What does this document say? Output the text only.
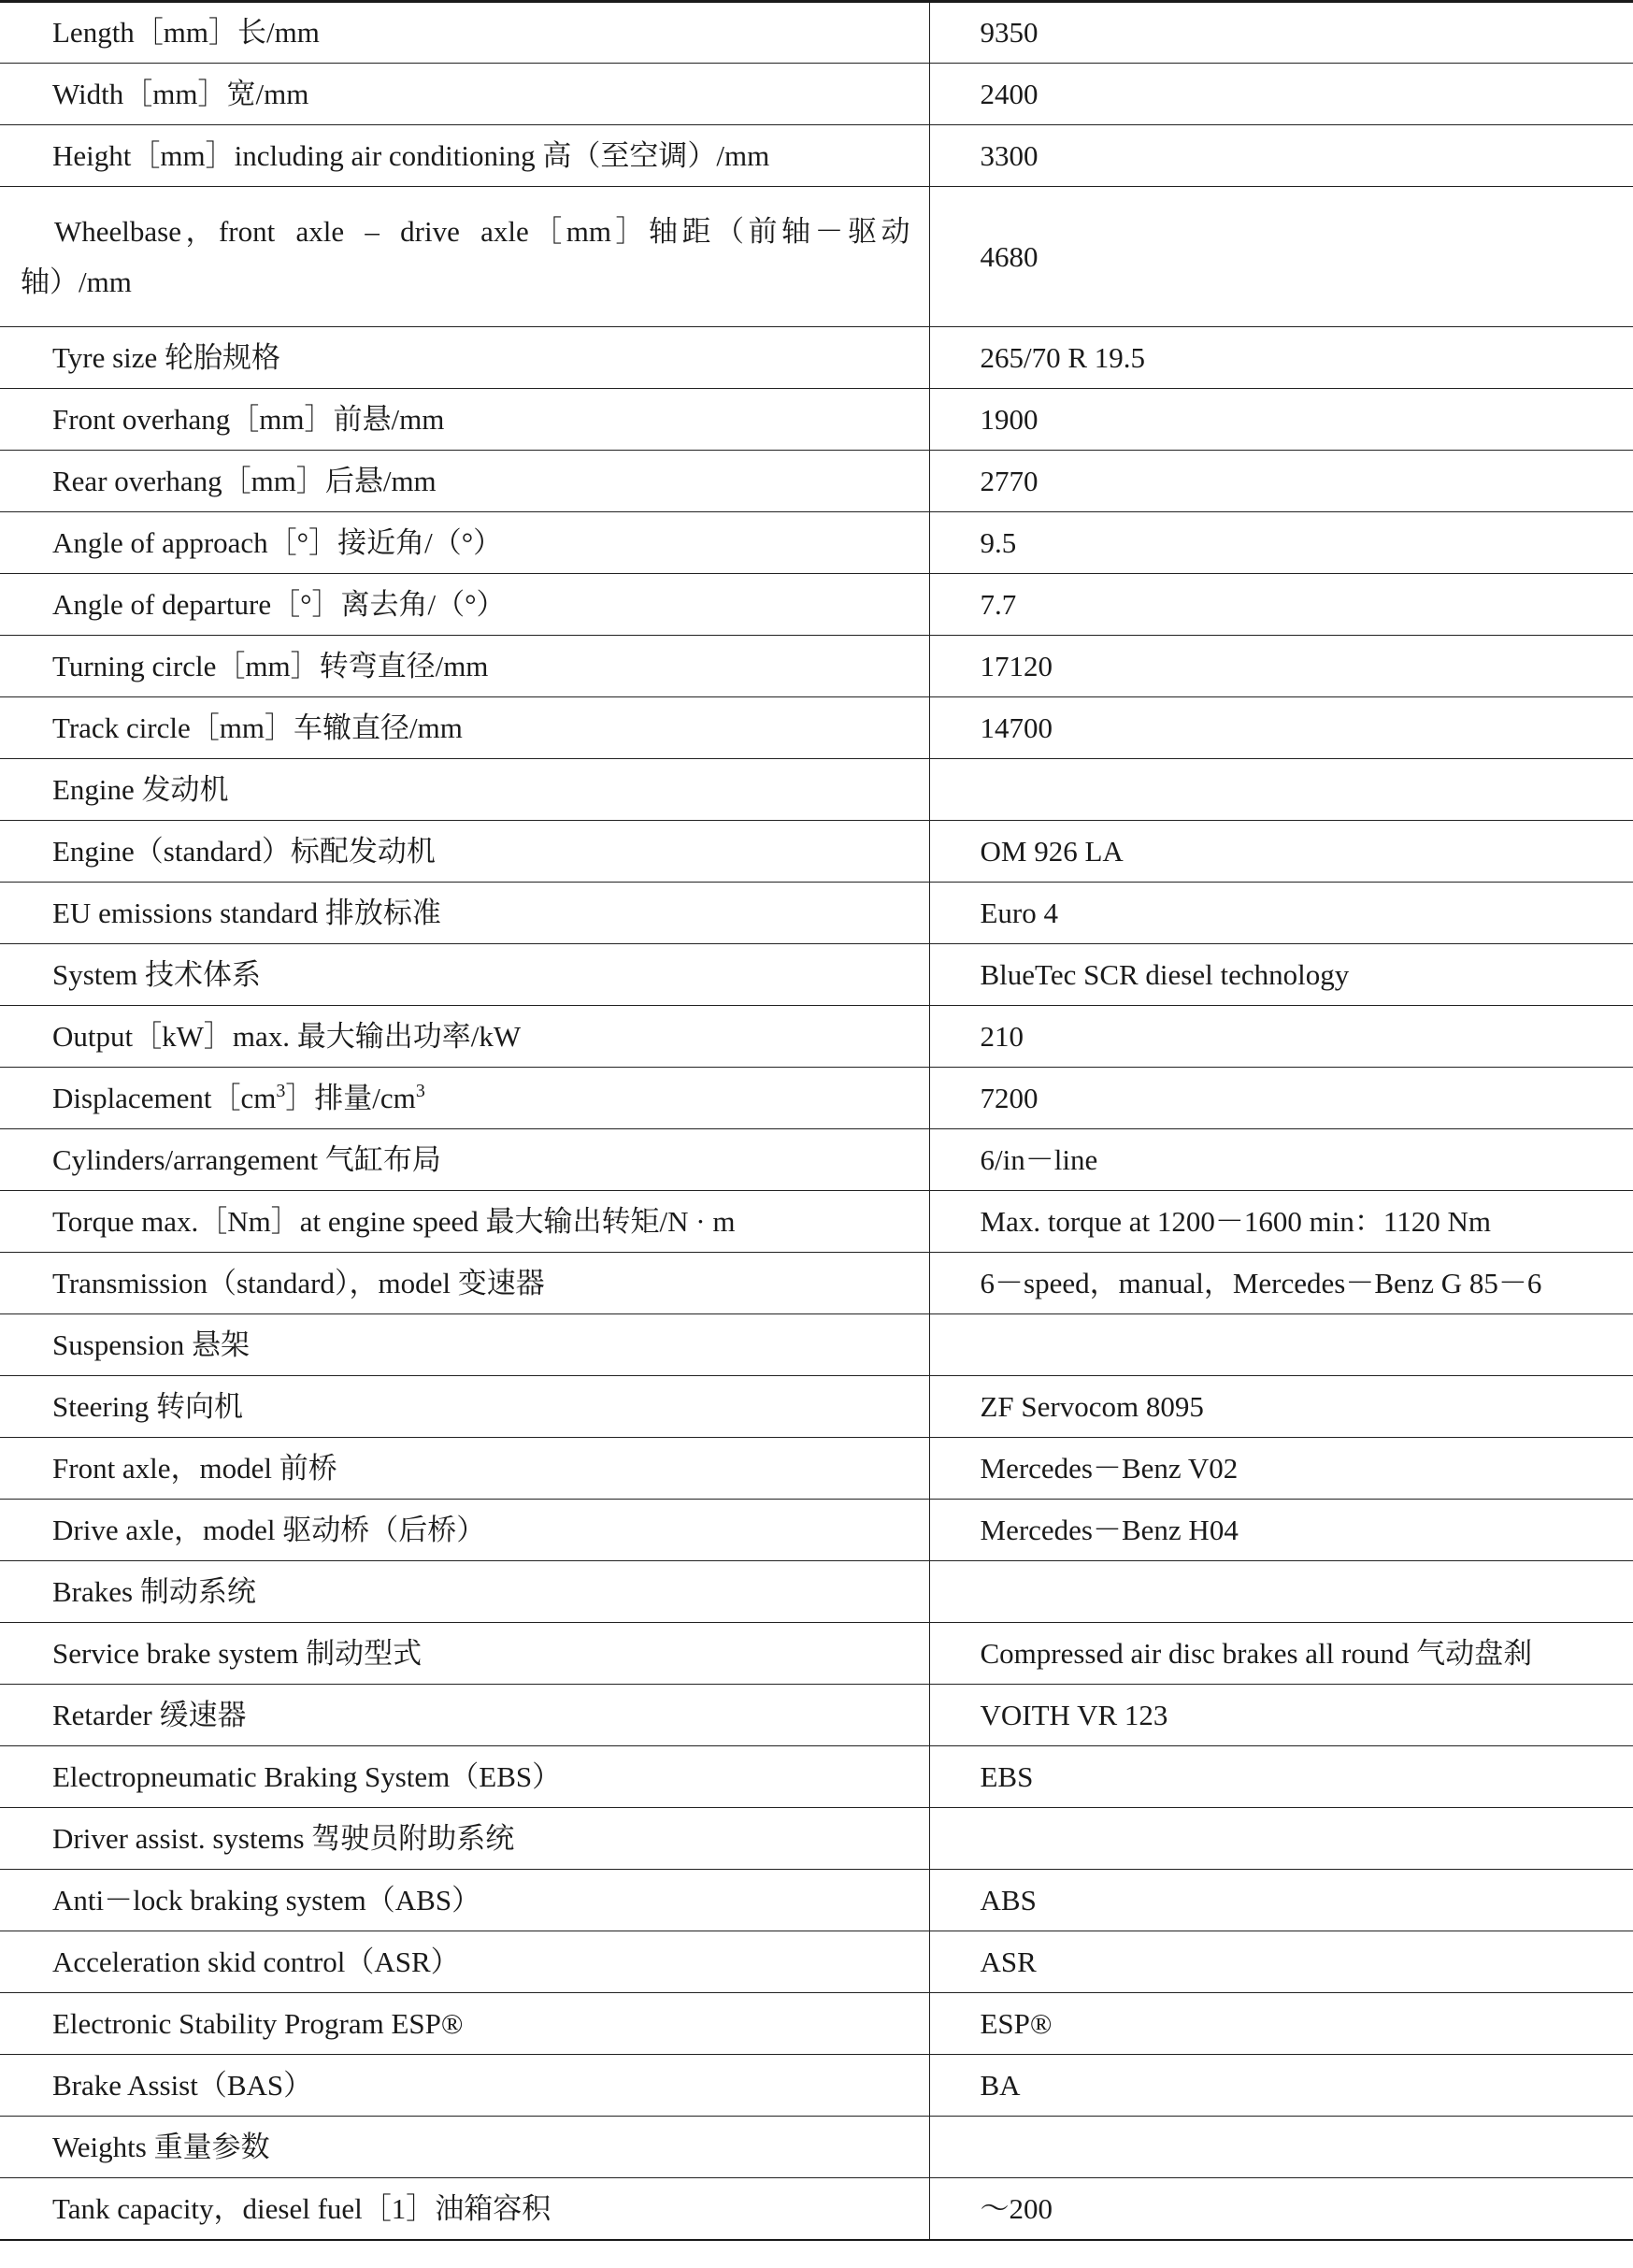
Length［mm］长/mm	9350
Width［mm］宽/mm	2400
Height［mm］including air conditioning 高（至空调）/mm	3300
Wheelbase，front axle – drive axle［mm］轴距（前轴－驱动轴）/mm	4680
Tyre size 轮胎规格	265/70 R 19.5
Front overhang［mm］前悬/mm	1900
Rear overhang［mm］后悬/mm	2770
Angle of approach［°］接近角/（°）	9.5
Angle of departure［°］离去角/（°）	7.7
Turning circle［mm］转弯直径/mm	17120
Track circle［mm］车辙直径/mm	14700
Engine 发动机	
Engine（standard）标配发动机	OM 926 LA
EU emissions standard 排放标准	Euro 4
System 技术体系	BlueTec SCR diesel technology
Output［kW］max. 最大输出功率/kW	210
$Displacement[cm^3]$排量$/cm^3$	7200
Cylinders/arrangement 气缸布局	6/in－line
Torque max.［Nm］at engine speed 最大输出转矩/N · m	Max. torque at 1200－1600 min：1120 Nm
Transmission（standard），model 变速器	6－speed，manual，Mercedes－Benz G 85－6
Suspension 悬架	
Steering 转向机	ZF Servocom 8095
Front axle，model 前桥	Mercedes－Benz V02
Drive axle，model 驱动桥（后桥）	Mercedes－Benz H04
Brakes 制动系统	
Service brake system 制动型式	Compressed air disc brakes all round 气动盘刹
Retarder 缓速器	VOITH VR 123
Electropneumatic Braking System（EBS）	EBS
Driver assist. systems 驾驶员附助系统	
Anti－lock braking system（ABS）	ABS
Acceleration skid control（ASR）	ASR
Electronic Stability Program ESP®	ESP®
Brake Assist（BAS）	BA
Weights 重量参数	
Tank capacity，diesel fuel［1］油箱容积	～200
